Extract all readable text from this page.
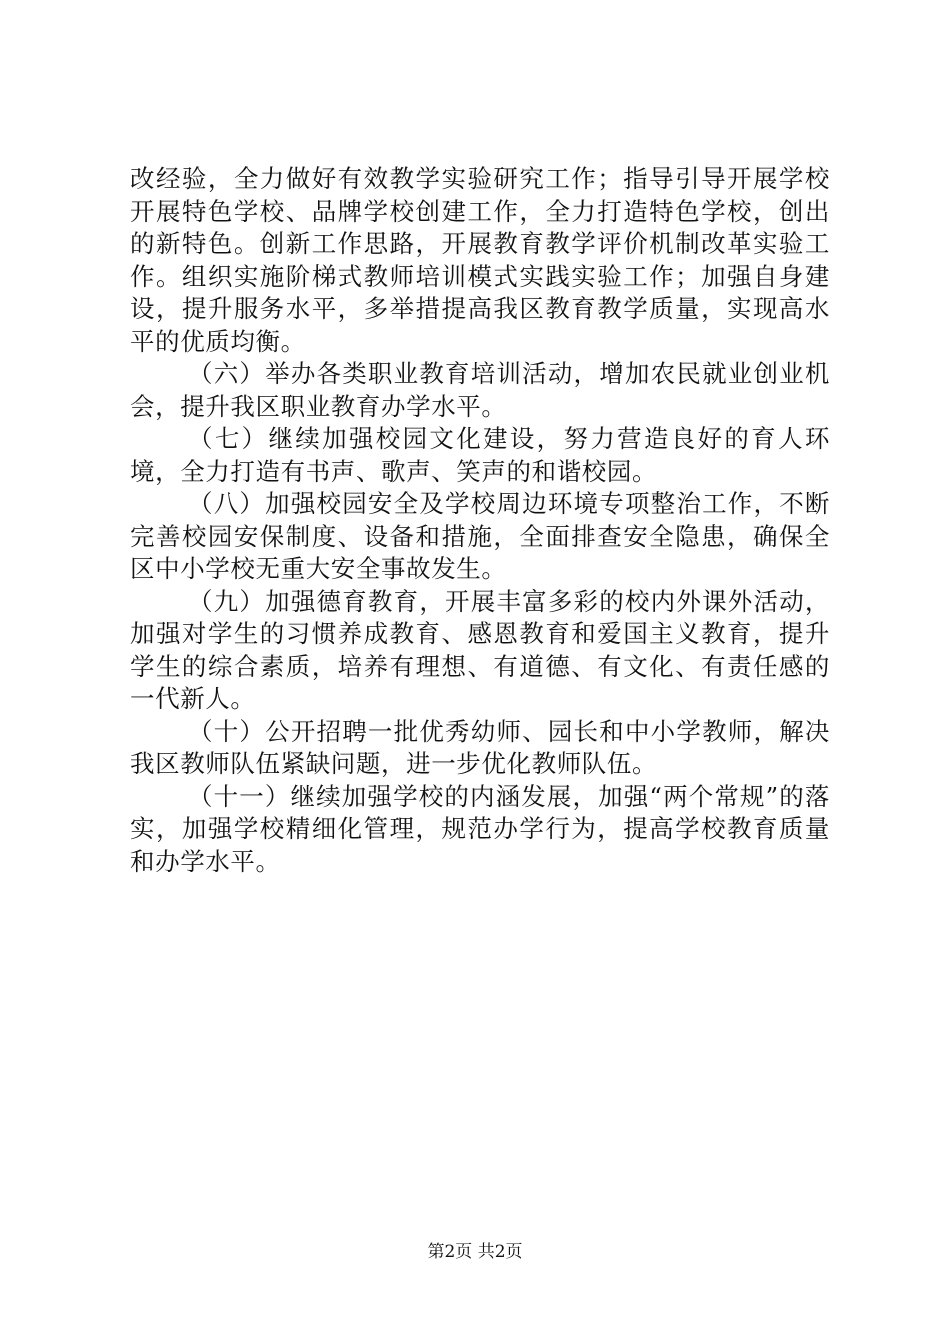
改经验，全力做好有效教学实验研究工作；指导引导开展学校开展特色学校、品牌学校创建工作，全力打造特色学校，创出的新特色。创新工作思路，开展教育教学评价机制改革实验工作。组织实施阶梯式教师培训模式实践实验工作；加强自身建设，提升服务水平，多举措提高我区教育教学质量，实现高水平的优质均衡。

（六）举办各类职业教育培训活动，增加农民就业创业机会，提升我区职业教育办学水平。

（七）继续加强校园文化建设，努力营造良好的育人环境，全力打造有书声、歌声、笑声的和谐校园。

（八）加强校园安全及学校周边环境专项整治工作，不断完善校园安保制度、设备和措施，全面排查安全隐患，确保全区中小学校无重大安全事故发生。

（九）加强德育教育，开展丰富多彩的校内外课外活动，加强对学生的习惯养成教育、感恩教育和爱国主义教育，提升学生的综合素质，培养有理想、有道德、有文化、有责任感的一代新人。

（十）公开招聘一批优秀幼师、园长和中小学教师，解决我区教师队伍紧缺问题，进一步优化教师队伍。

（十一）继续加强学校的内涵发展，加强“两个常规”的落实，加强学校精细化管理，规范办学行为，提高学校教育质量和办学水平。

第2页 共2页
